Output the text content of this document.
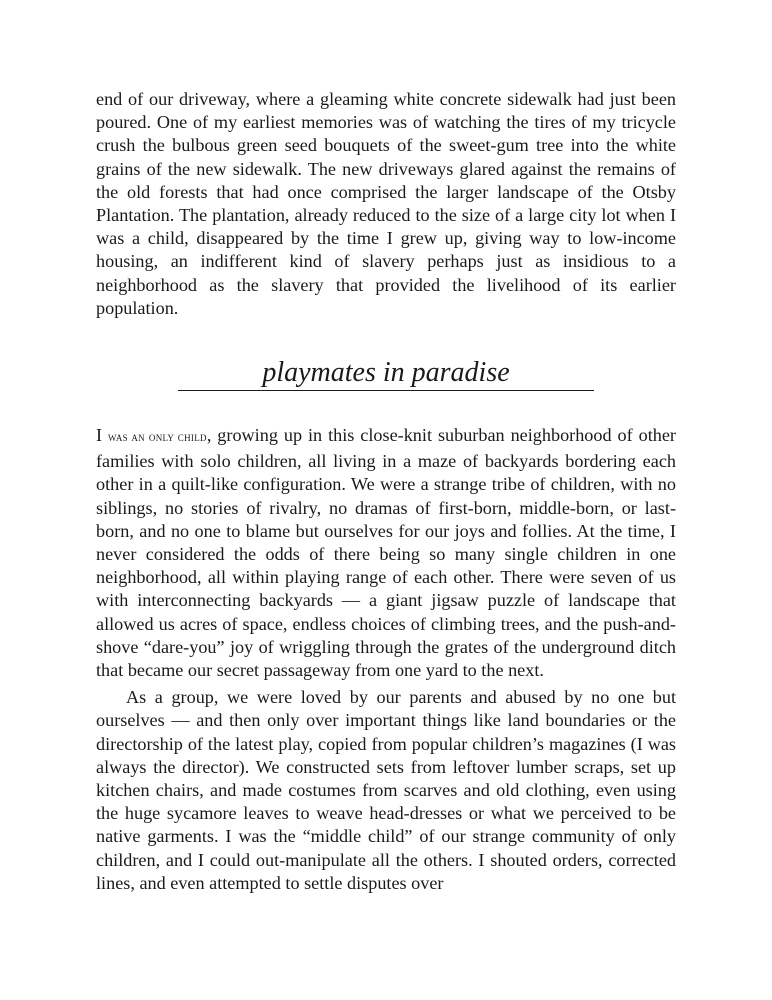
end of our driveway, where a gleaming white concrete sidewalk had just been poured. One of my earliest memories was of watching the tires of my tricycle crush the bulbous green seed bouquets of the sweet-gum tree into the white grains of the new sidewalk. The new driveways glared against the remains of the old forests that had once comprised the larger landscape of the Otsby Plantation. The plantation, already reduced to the size of a large city lot when I was a child, disappeared by the time I grew up, giving way to low-income housing, an indifferent kind of slavery perhaps just as insidious to a neighborhood as the slavery that provided the livelihood of its earlier population.

playmates in paradise

I WAS AN ONLY CHILD, growing up in this close-knit suburban neighborhood of other families with solo children, all living in a maze of backyards bordering each other in a quilt-like configuration. We were a strange tribe of children, with no siblings, no stories of rivalry, no dramas of first-born, middle-born, or last-born, and no one to blame but ourselves for our joys and follies. At the time, I never considered the odds of there being so many single children in one neighborhood, all within playing range of each other. There were seven of us with interconnecting backyards — a giant jigsaw puzzle of landscape that allowed us acres of space, endless choices of climbing trees, and the push-and-shove “dare-you” joy of wriggling through the grates of the underground ditch that became our secret passageway from one yard to the next.

As a group, we were loved by our parents and abused by no one but ourselves — and then only over important things like land boundaries or the directorship of the latest play, copied from popular children’s magazines (I was always the director). We constructed sets from leftover lumber scraps, set up kitchen chairs, and made costumes from scarves and old clothing, even using the huge sycamore leaves to weave head-dresses or what we perceived to be native garments. I was the “middle child” of our strange community of only children, and I could out-manipulate all the others. I shouted orders, corrected lines, and even attempted to settle disputes over
